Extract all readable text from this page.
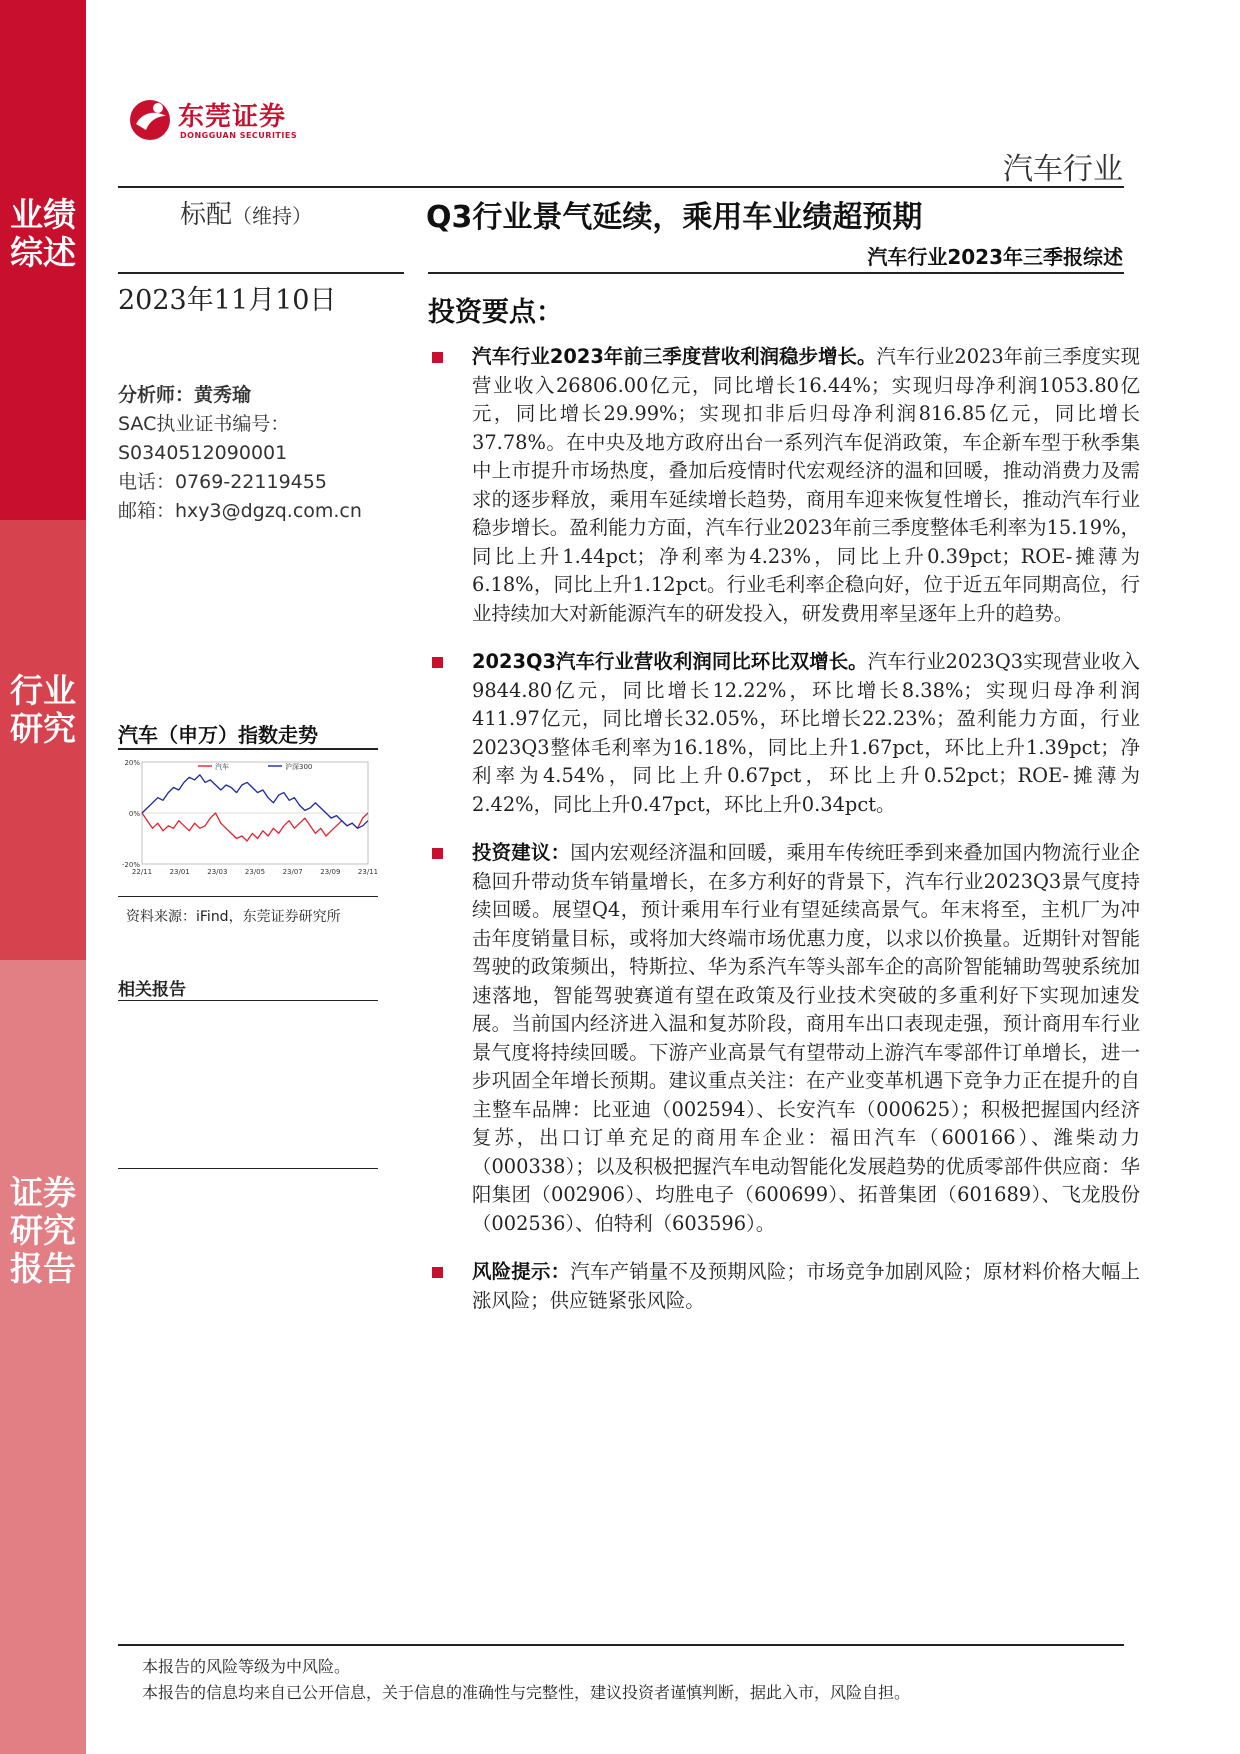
业绩综述
行业研究
证券研究报告
东莞证券
DONGGUAN SECURITIES
汽车行业
标配（维持）	Q3行业景气延续，乘用车业绩超预期
汽车行业2023年三季报综述
2023年11月10日
分析师：黄秀瑜
SAC执业证书编号：
S0340512090001
电话：0769-22119455
邮箱：hxy3@dgzq.com.cn
汽车（申万）指数走势
20%
0%
-20%
22/11 23/01 23/03 23/05 23/07 23/09 23/11
汽车	沪深300
资料来源：iFind，东莞证券研究所
相关报告
投资要点：
汽车行业2023年前三季度营收利润稳步增长。汽车行业2023年前三季度实现营业收入26806.00亿元，同比增长16.44%；实现归母净利润1053.80亿元，同比增长29.99%；实现扣非后归母净利润816.85亿元，同比增长37.78%。在中央及地方政府出台一系列汽车促消政策，车企新车型于秋季集中上市提升市场热度，叠加后疫情时代宏观经济的温和回暖，推动消费力及需求的逐步释放，乘用车延续增长趋势，商用车迎来恢复性增长，推动汽车行业稳步增长。盈利能力方面，汽车行业2023年前三季度整体毛利率为15.19%，同比上升1.44pct；净利率为4.23%，同比上升0.39pct；ROE-摊薄为6.18%，同比上升1.12pct。行业毛利率企稳向好，位于近五年同期高位，行业持续加大对新能源汽车的研发投入，研发费用率呈逐年上升的趋势。
2023Q3汽车行业营收利润同比环比双增长。汽车行业2023Q3实现营业收入9844.80亿元，同比增长12.22%，环比增长8.38%；实现归母净利润411.97亿元，同比增长32.05%，环比增长22.23%；盈利能力方面，行业2023Q3整体毛利率为16.18%，同比上升1.67pct，环比上升1.39pct；净利率为4.54%，同比上升0.67pct，环比上升0.52pct；ROE-摊薄为2.42%，同比上升0.47pct，环比上升0.34pct。
投资建议：国内宏观经济温和回暖，乘用车传统旺季到来叠加国内物流行业企稳回升带动货车销量增长，在多方利好的背景下，汽车行业2023Q3景气度持续回暖。展望Q4，预计乘用车行业有望延续高景气。年末将至，主机厂为冲击年度销量目标，或将加大终端市场优惠力度，以求以价换量。近期针对智能驾驶的政策频出，特斯拉、华为系汽车等头部车企的高阶智能辅助驾驶系统加速落地，智能驾驶赛道有望在政策及行业技术突破的多重利好下实现加速发展。当前国内经济进入温和复苏阶段，商用车出口表现走强，预计商用车行业景气度将持续回暖。下游产业高景气有望带动上游汽车零部件订单增长，进一步巩固全年增长预期。建议重点关注：在产业变革机遇下竞争力正在提升的自主整车品牌：比亚迪（002594）、长安汽车（000625）；积极把握国内经济复苏，出口订单充足的商用车企业：福田汽车（600166）、潍柴动力（000338）；以及积极把握汽车电动智能化发展趋势的优质零部件供应商：华阳集团（002906）、均胜电子（600699）、拓普集团（601689）、飞龙股份（002536）、伯特利（603596）。
风险提示：汽车产销量不及预期风险；市场竞争加剧风险；原材料价格大幅上涨风险；供应链紧张风险。
本报告的风险等级为中风险。
本报告的信息均来自已公开信息，关于信息的准确性与完整性，建议投资者谨慎判断，据此入市，风险自担。
